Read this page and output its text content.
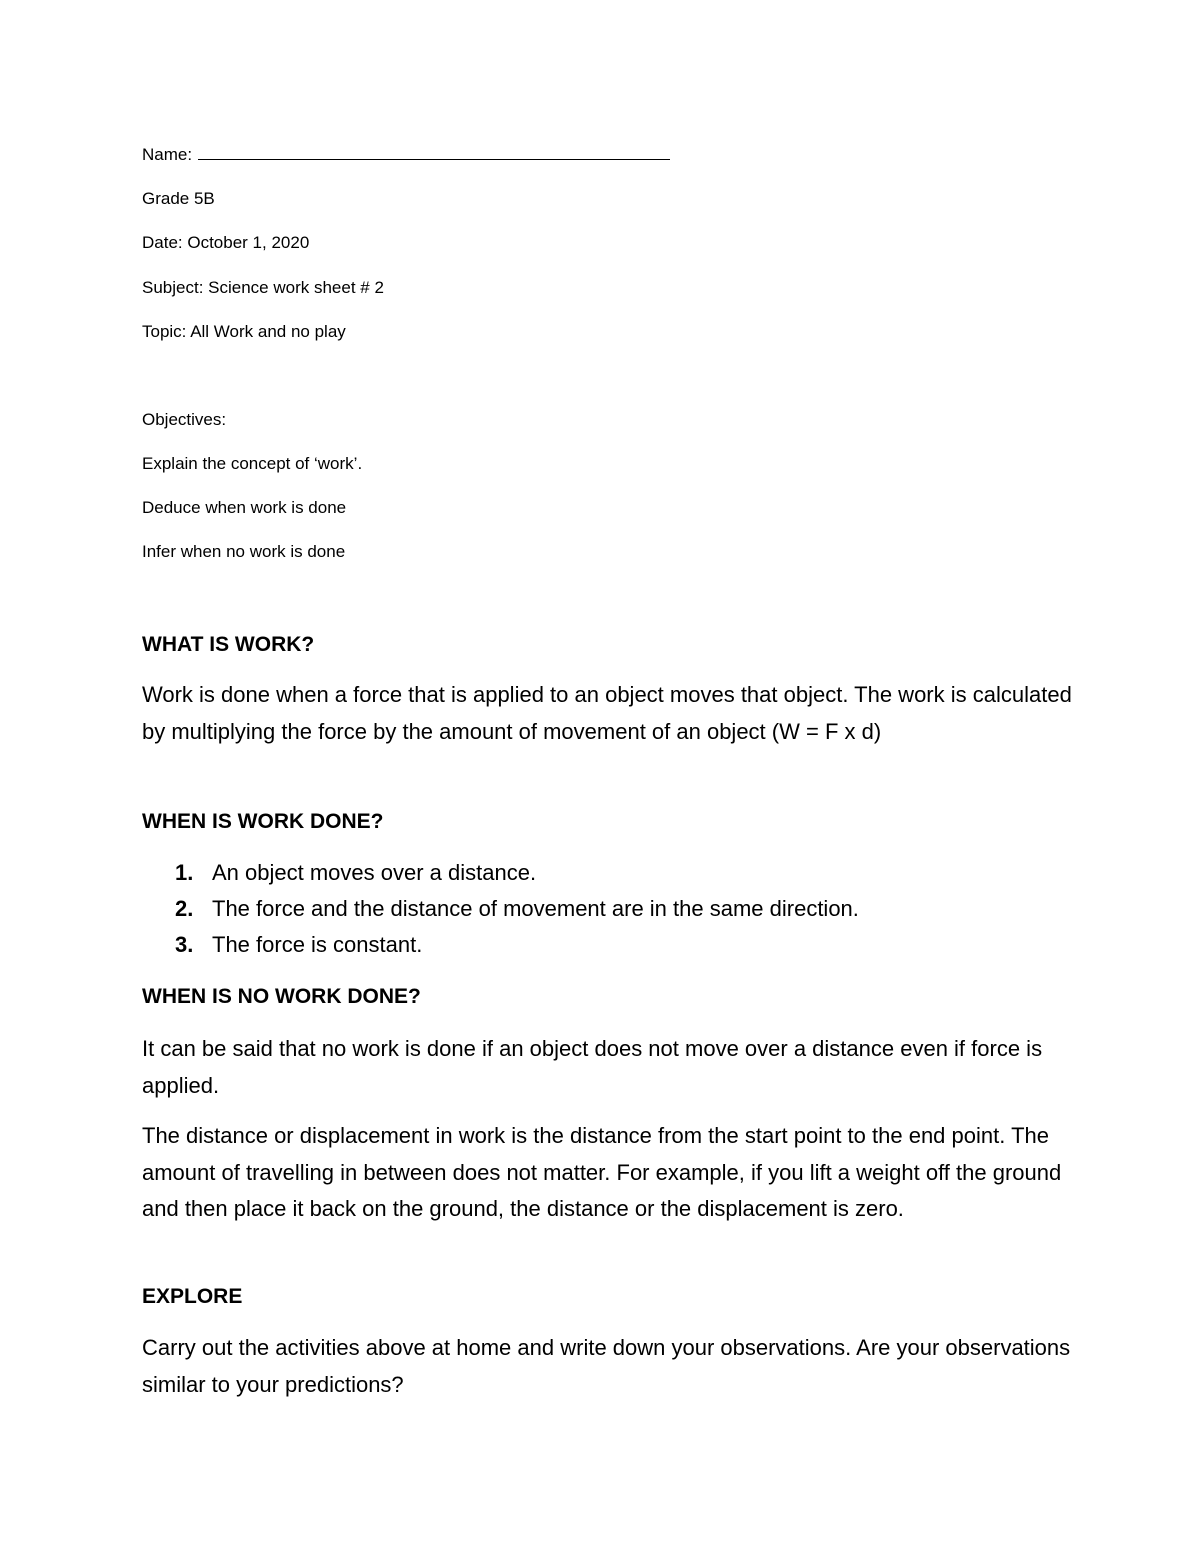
Name:

Grade 5B

Date: October 1, 2020

Subject: Science work sheet # 2

Topic: All Work and no play

Objectives:

Explain the concept of ‘work’.

Deduce when work is done

Infer when no work is done

WHAT IS WORK?

Work is done when a force that is applied to an object moves that object. The work is calculated by multiplying the force by the amount of movement of an object (W = F x d)

WHEN IS WORK DONE?
1. An object moves over a distance.
2. The force and the distance of movement are in the same direction.
3. The force is constant.
WHEN IS NO WORK DONE?

It can be said that no work is done if an object does not move over a distance even if force is applied.

The distance or displacement in work is the distance from the start point to the end point. The amount of travelling in between does not matter. For example, if you lift a weight off the ground and then place it back on the ground, the distance or the displacement is zero.

EXPLORE

Carry out the activities above at home and write down your observations. Are your observations similar to your predictions?
